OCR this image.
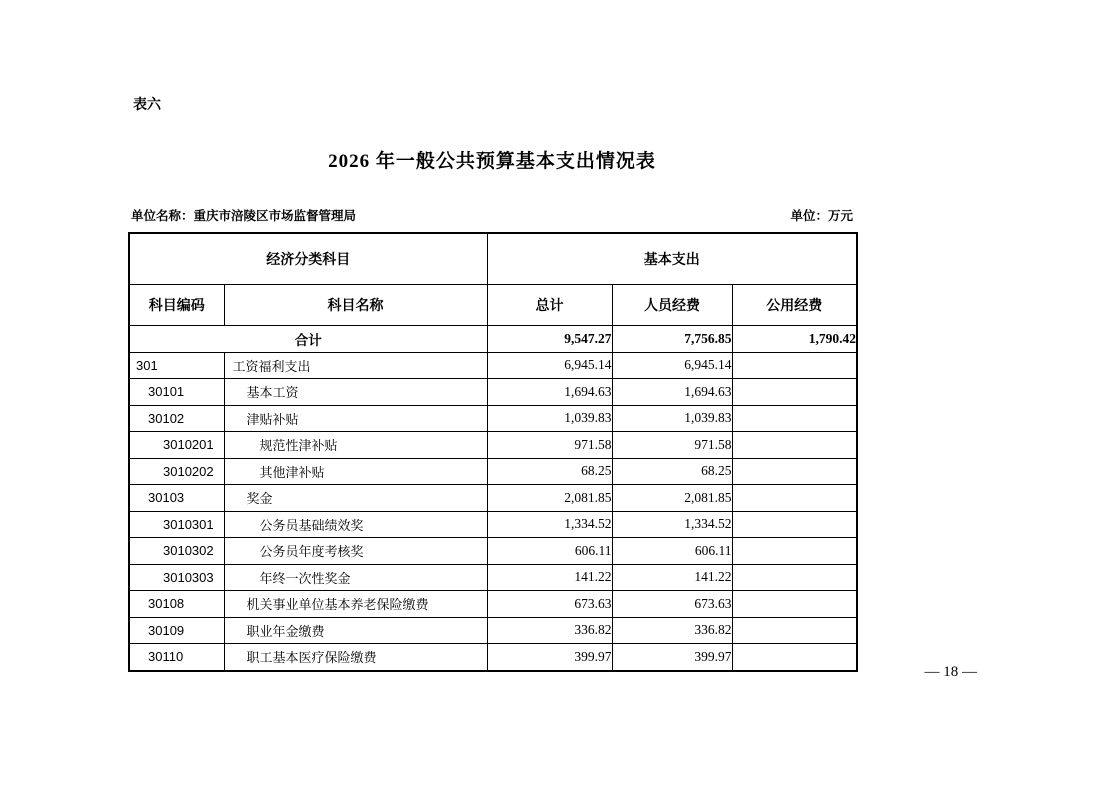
表六
2026 年一般公共预算基本支出情况表
单位名称：重庆市涪陵区市场监督管理局	单位：万元
经济分类科目		基本支出		
科目编码	科目名称	总计	人员经费	公用经费
合计		9,547.27	7,756.85	1,790.42
301	工资福利支出	6,945.14	6,945.14	
30101	基本工资	1,694.63	1,694.63	
30102	津贴补贴	1,039.83	1,039.83	
3010201	规范性津补贴	971.58	971.58	
3010202	其他津补贴	68.25	68.25	
30103	奖金	2,081.85	2,081.85	
3010301	公务员基础绩效奖	1,334.52	1,334.52	
3010302	公务员年度考核奖	606.11	606.11	
3010303	年终一次性奖金	141.22	141.22	
30108	机关事业单位基本养老保险缴费	673.63	673.63	
30109	职业年金缴费	336.82	336.82	
30110	职工基本医疗保险缴费	399.97	399.97	
— 18 —
